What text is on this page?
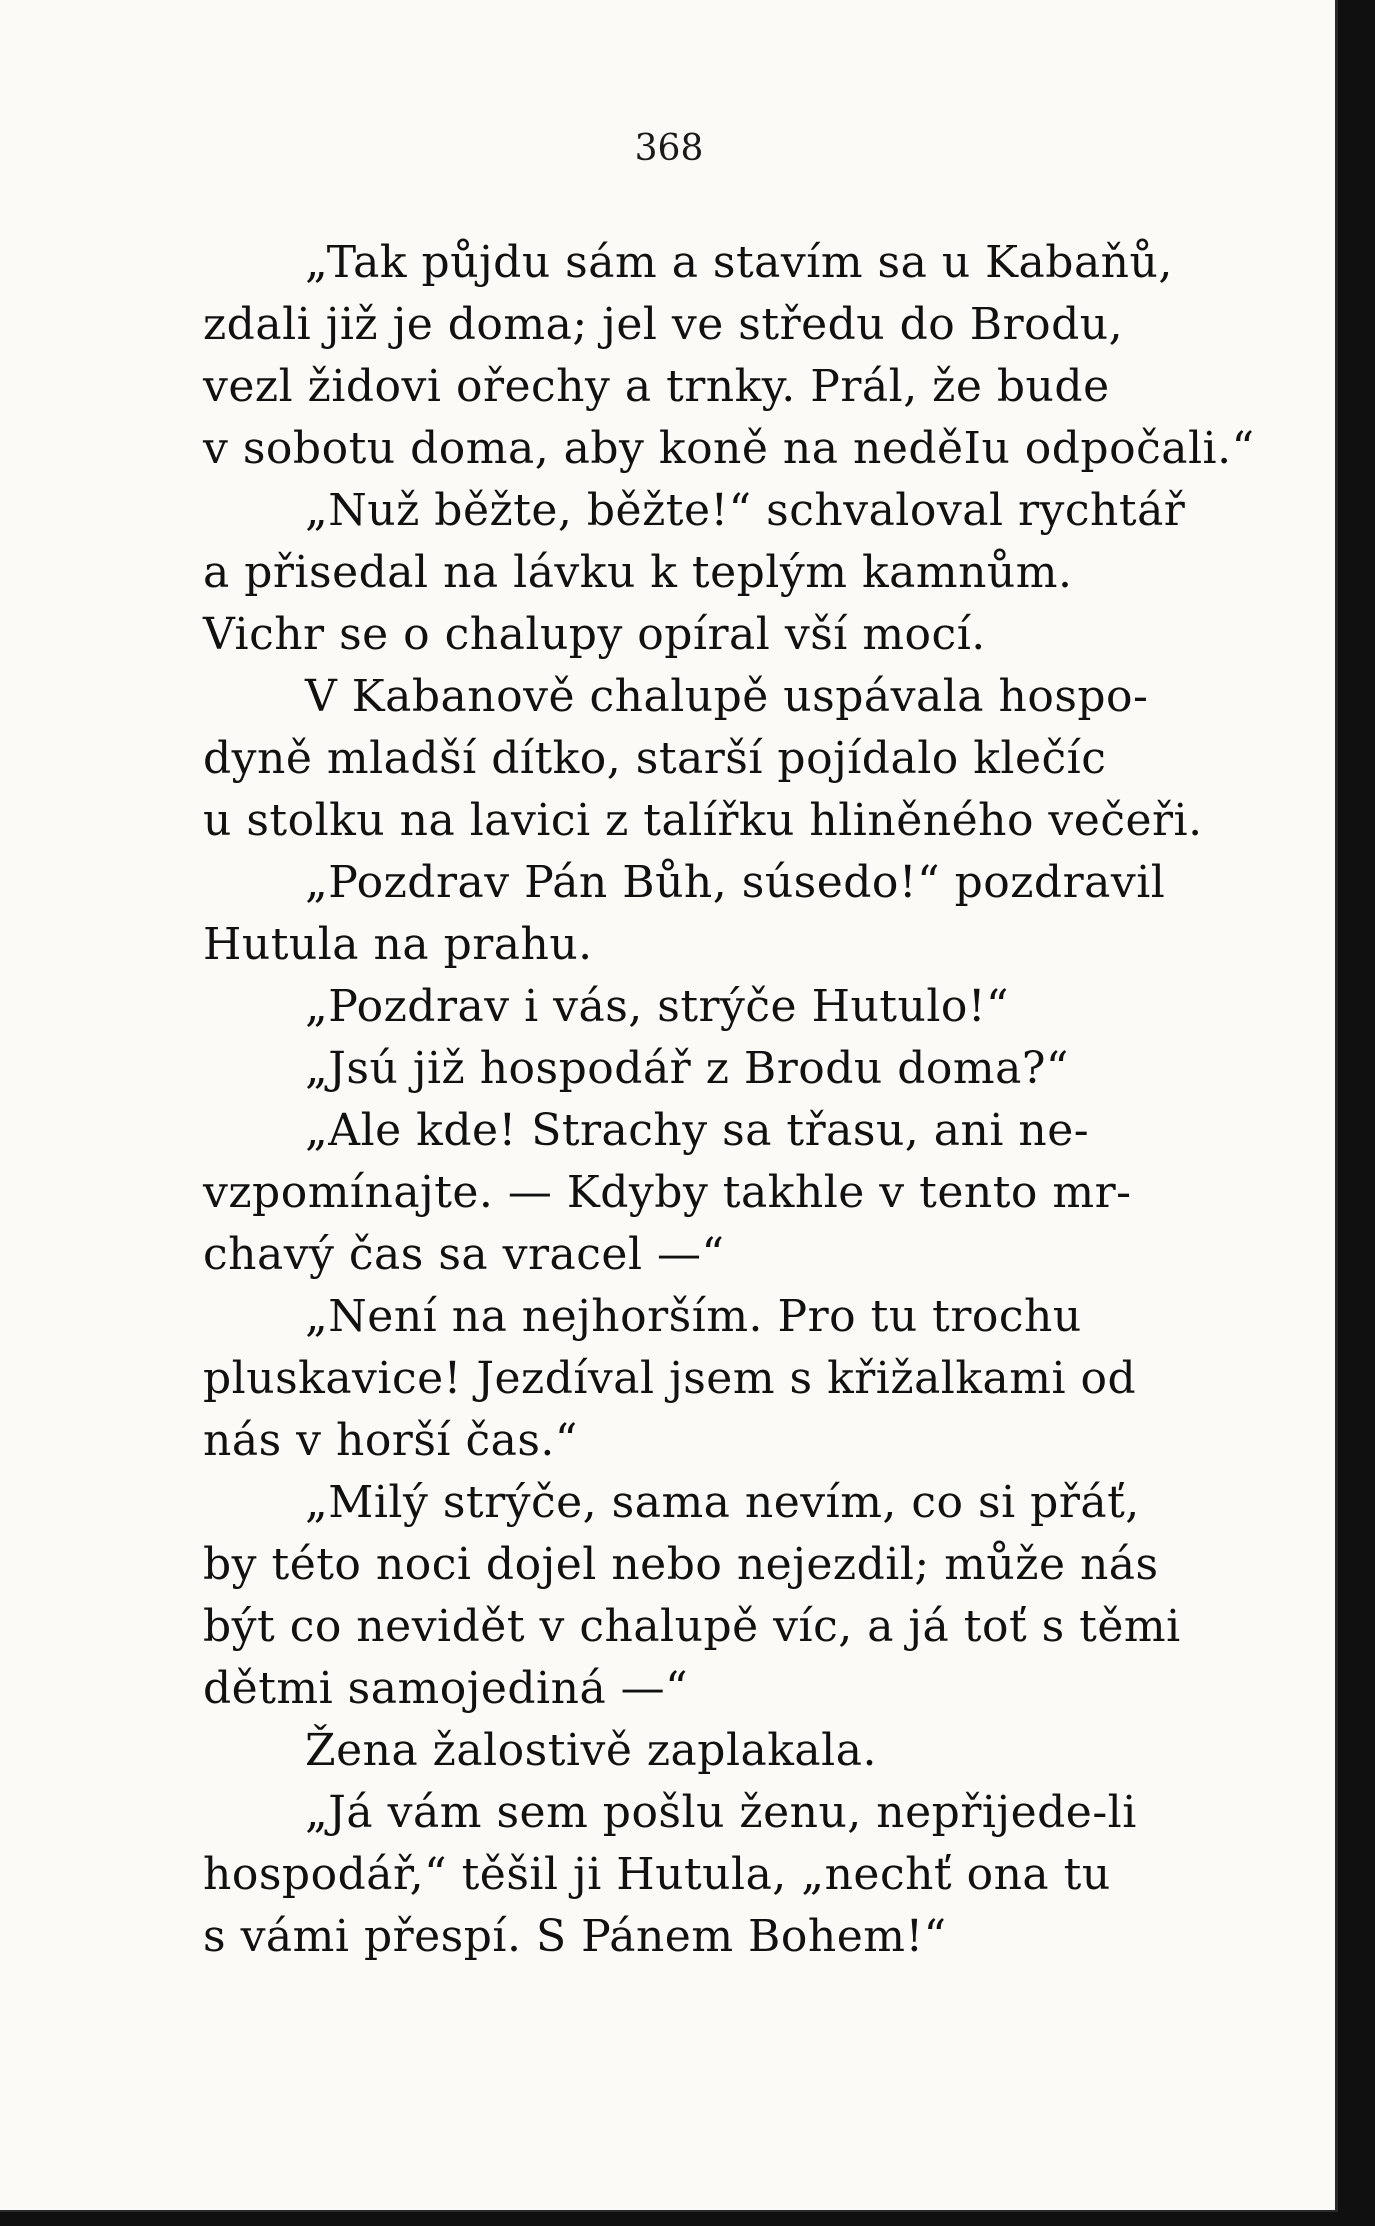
368
„Tak půjdu sám a stavím sa u Kabaňů,
zdali již je doma; jel ve středu do Brodu,
vezl židovi ořechy a trnky. Prál, že bude
v sobotu doma, aby koně na neděIu odpočali.“
„Nuž běžte, běžte!“ schvaloval rychtář
a přisedal na lávku k teplým kamnům.
Vichr se o chalupy opíral vší mocí.
V Kabanově chalupě uspávala hospo-
dyně mladší dítko, starší pojídalo klečíc
u stolku na lavici z talířku hliněného večeři.
„Pozdrav Pán Bůh, súsedo!“ pozdravil
Hutula na prahu.
„Pozdrav i vás, strýče Hutulo!“
„Jsú již hospodář z Brodu doma?“
„Ale kde! Strachy sa třasu, ani ne-
vzpomínajte. — Kdyby takhle v tento mr-
chavý čas sa vracel —“
„Není na nejhorším. Pro tu trochu
pluskavice! Jezdíval jsem s křižalkami od
nás v horší čas.“
„Milý strýče, sama nevím, co si přáť,
by této noci dojel nebo nejezdil; může nás
být co nevidět v chalupě víc, a já toť s těmi
dětmi samojediná —“
Žena žalostivě zaplakala.
„Já vám sem pošlu ženu, nepřijede-li
hospodář,“ těšil ji Hutula, „nechť ona tu
s vámi přespí. S Pánem Bohem!“
